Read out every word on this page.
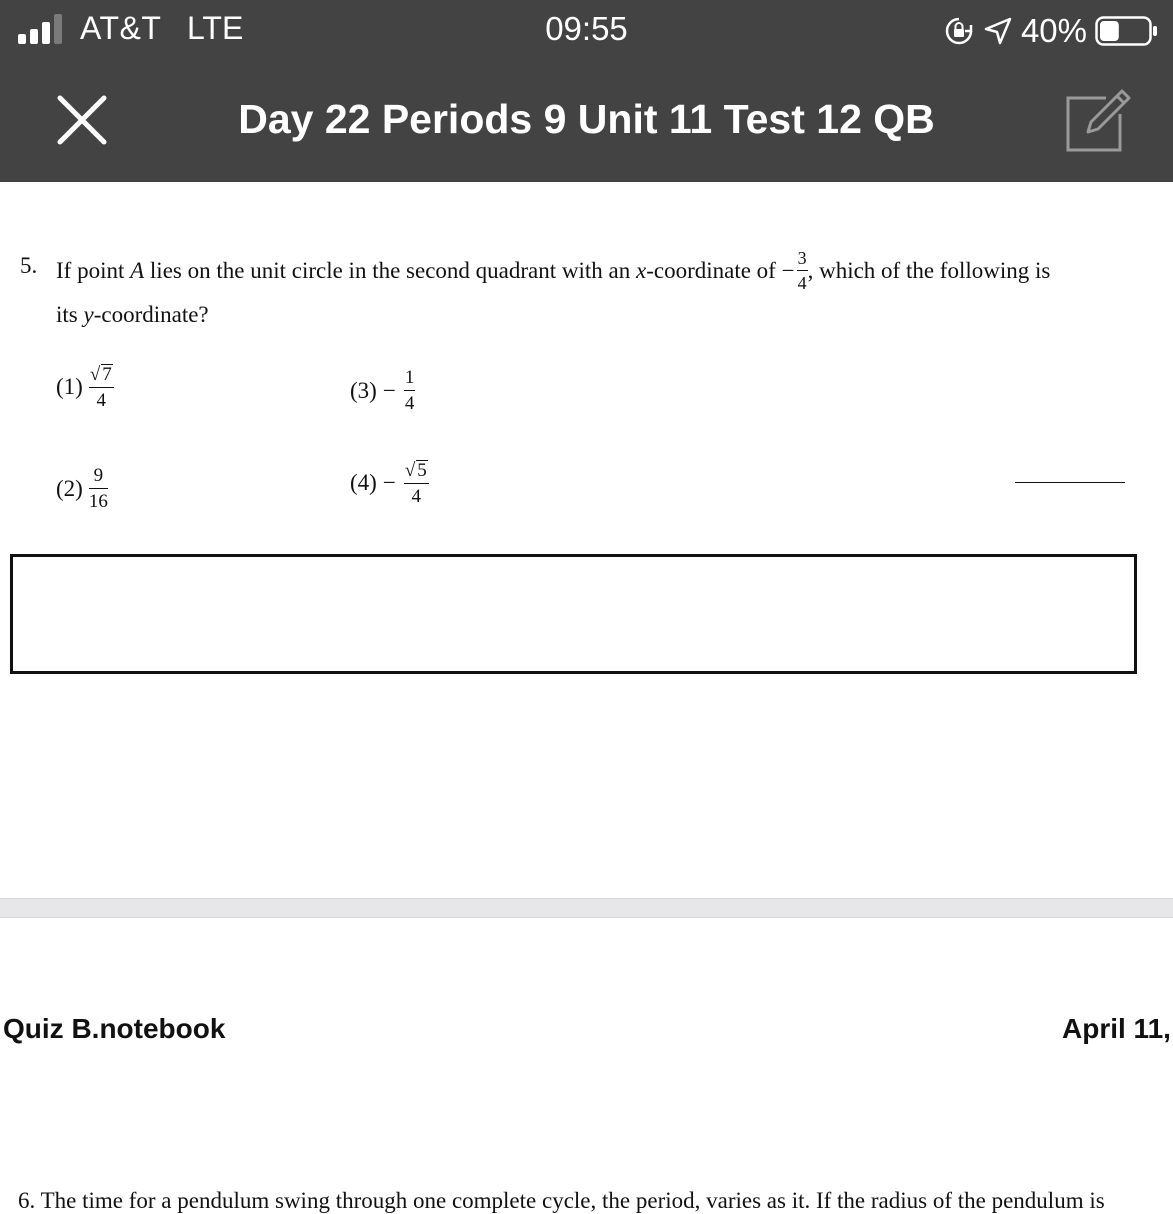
AT&T LTE	09:55	40%
Day 22 Periods 9 Unit 11 Test 12 QB
5. If point A lies on the unit circle in the second quadrant with an x-coordinate of − $\frac{3}{4}$ , which of the following is
its y-coordinate?
$(1) \frac{√ 7}{4}$
$(2) \frac{9}{16}$
$(3) - \frac{1}{4}$
$(4) - \frac{√ 5}{4}$
Quiz B.notebook	April 11,
6. The time for a pendulum swing through one complete cycle, the period, varies as it. If the radius of the pendulum is
